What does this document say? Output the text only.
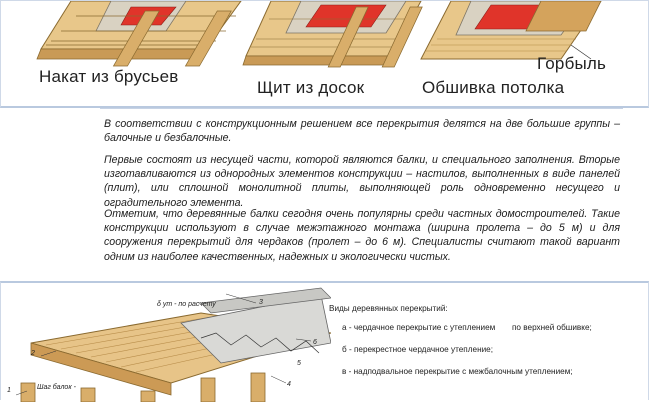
Накат из брусьев
Щит из досок	Обшивка потолка
Горбыль

В соответствии с конструкционным решением все перекрытия делятся на две большие группы – балочные и безбалочные.

Первые состоят из несущей части, которой являются балки, и специального заполнения. Вторые изготавливаются из однородных элементов конструкции – настилов, выполненных в виде панелей (плит), или сплошной монолитной плиты, выполняющей роль одновременно несущего и оградительного элемента.

Отметим, что деревянные балки сегодня очень популярны среди частных домостроителей. Такие конструкции используют в случае межэтажного монтажа (ширина пролета – до 5 м) и для сооружения перекрытий для чердаков (пролет – до 6 м). Специалисты считают такой вариант одним из наиболее качественных, надежных и экологически чистых.

δ ут - по расчету
Шаг балок -
1
2
3
4
5
6
Виды деревянных перекрытий:
а - чердачное перекрытие с утеплением по верхней обшивке;
б - перекрестное чердачное утепление;
в - надподвальное перекрытие с межбалочным утеплением;
